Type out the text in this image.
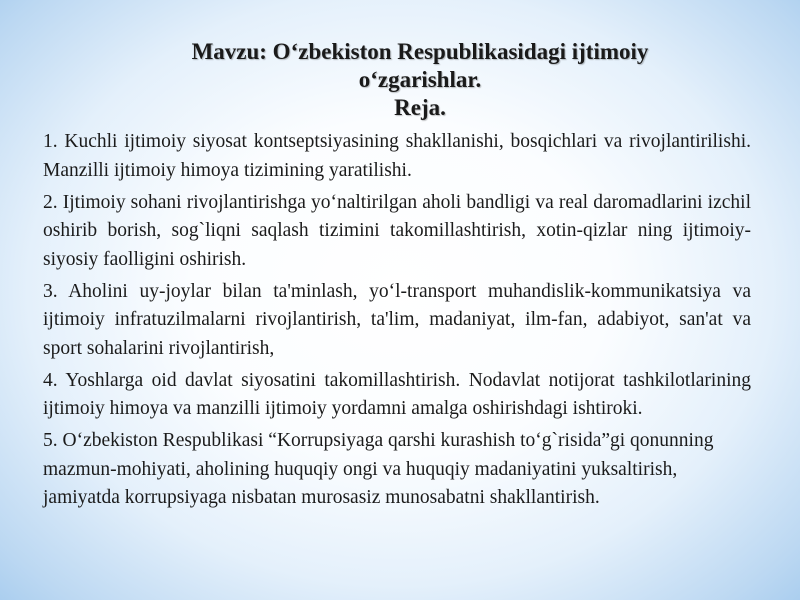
Mavzu: O‘zbekiston Respublikasidagi ijtimoiy
o‘zgarishlar.
Reja.

1. Kuchli ijtimoiy siyosat kontseptsiyasining shakllanishi, bosqichlari va rivojlantirilishi. Manzilli ijtimoiy himoya tizimining yaratilishi.

2. Ijtimoiy sohani rivojlantirishga yo‘naltirilgan aholi bandligi va real daromadlarini izchil oshirib borish, sog`liqni saqlash tizimini takomillashtirish, xotin-qizlar ning ijtimoiy-siyosiy faolligini oshirish.

3. Aholini uy-joylar bilan ta'minlash, yo‘l-transport muhandislik-kommunikatsiya va ijtimoiy infratuzilmalarni rivojlantirish, ta'lim, madaniyat, ilm-fan, adabiyot, san'at va sport sohalarini rivojlantirish,

4. Yoshlarga oid davlat siyosatini takomillashtirish. Nodavlat notijorat tashkilotlarining ijtimoiy himoya va manzilli ijtimoiy yordamni amalga oshirishdagi ishtiroki.

5. O‘zbekiston Respublikasi “Korrupsiyaga qarshi kurashish to‘g`risida”gi qonunning mazmun-mohiyati, aholining huquqiy ongi va huquqiy madaniyatini yuksaltirish, jamiyatda korrupsiyaga nisbatan murosasiz munosabatni shakllantirish.
